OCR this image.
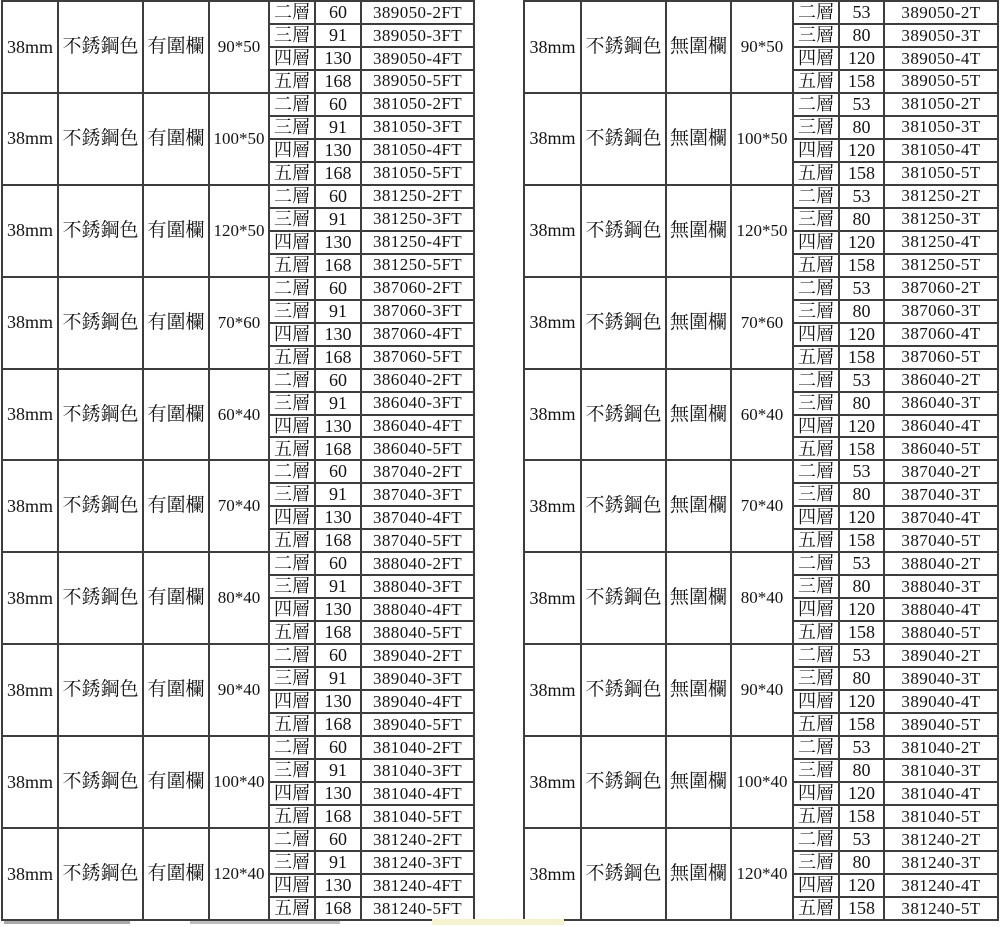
38mm	不銹鋼色	有圍欄	90*50	二層	60	389050-2FT
				三層	91	389050-3FT
				四層	130	389050-4FT
				五層	168	389050-5FT
38mm	不銹鋼色	有圍欄	100*50	二層	60	381050-2FT
				三層	91	381050-3FT
				四層	130	381050-4FT
				五層	168	381050-5FT
38mm	不銹鋼色	有圍欄	120*50	二層	60	381250-2FT
				三層	91	381250-3FT
				四層	130	381250-4FT
				五層	168	381250-5FT
38mm	不銹鋼色	有圍欄	70*60	二層	60	387060-2FT
				三層	91	387060-3FT
				四層	130	387060-4FT
				五層	168	387060-5FT
38mm	不銹鋼色	有圍欄	60*40	二層	60	386040-2FT
				三層	91	386040-3FT
				四層	130	386040-4FT
				五層	168	386040-5FT
38mm	不銹鋼色	有圍欄	70*40	二層	60	387040-2FT
				三層	91	387040-3FT
				四層	130	387040-4FT
				五層	168	387040-5FT
38mm	不銹鋼色	有圍欄	80*40	二層	60	388040-2FT
				三層	91	388040-3FT
				四層	130	388040-4FT
				五層	168	388040-5FT
38mm	不銹鋼色	有圍欄	90*40	二層	60	389040-2FT
				三層	91	389040-3FT
				四層	130	389040-4FT
				五層	168	389040-5FT
38mm	不銹鋼色	有圍欄	100*40	二層	60	381040-2FT
				三層	91	381040-3FT
				四層	130	381040-4FT
				五層	168	381040-5FT
38mm	不銹鋼色	有圍欄	120*40	二層	60	381240-2FT
				三層	91	381240-3FT
				四層	130	381240-4FT
				五層	168	381240-5FT
38mm	不銹鋼色	無圍欄	90*50	二層	53	389050-2T
				三層	80	389050-3T
				四層	120	389050-4T
				五層	158	389050-5T
38mm	不銹鋼色	無圍欄	100*50	二層	53	381050-2T
				三層	80	381050-3T
				四層	120	381050-4T
				五層	158	381050-5T
38mm	不銹鋼色	無圍欄	120*50	二層	53	381250-2T
				三層	80	381250-3T
				四層	120	381250-4T
				五層	158	381250-5T
38mm	不銹鋼色	無圍欄	70*60	二層	53	387060-2T
				三層	80	387060-3T
				四層	120	387060-4T
				五層	158	387060-5T
38mm	不銹鋼色	無圍欄	60*40	二層	53	386040-2T
				三層	80	386040-3T
				四層	120	386040-4T
				五層	158	386040-5T
38mm	不銹鋼色	無圍欄	70*40	二層	53	387040-2T
				三層	80	387040-3T
				四層	120	387040-4T
				五層	158	387040-5T
38mm	不銹鋼色	無圍欄	80*40	二層	53	388040-2T
				三層	80	388040-3T
				四層	120	388040-4T
				五層	158	388040-5T
38mm	不銹鋼色	無圍欄	90*40	二層	53	389040-2T
				三層	80	389040-3T
				四層	120	389040-4T
				五層	158	389040-5T
38mm	不銹鋼色	無圍欄	100*40	二層	53	381040-2T
				三層	80	381040-3T
				四層	120	381040-4T
				五層	158	381040-5T
38mm	不銹鋼色	無圍欄	120*40	二層	53	381240-2T
				三層	80	381240-3T
				四層	120	381240-4T
				五層	158	381240-5T
